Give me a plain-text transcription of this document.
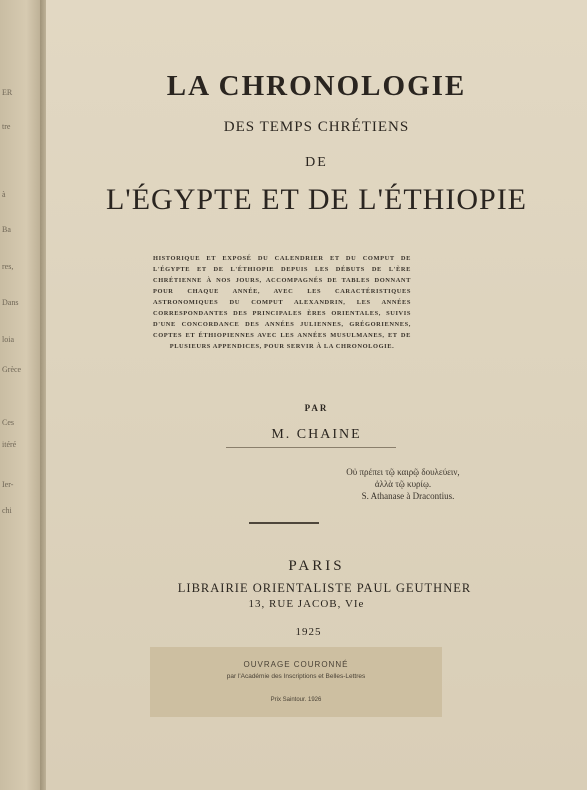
ER
tre
à
Ba
res,
Dans
loia
Grèce
Ces
itéré
Ier-
chi
LA CHRONOLOGIE
DES TEMPS CHRÉTIENS
DE
L'ÉGYPTE ET DE L'ÉTHIOPIE
HISTORIQUE ET EXPOSÉ DU CALENDRIER ET DU COMPUT DE L'ÉGYPTE ET DE L'ÉTHIOPIE DEPUIS LES DÉBUTS DE L'ÈRE CHRÉTIENNE À NOS JOURS, ACCOMPAGNÉS DE TABLES DONNANT POUR CHAQUE ANNÉE, AVEC LES CARACTÉRISTIQUES ASTRONOMIQUES DU COMPUT ALEXANDRIN, LES ANNÉES CORRESPONDANTES DES PRINCIPALES ÈRES ORIENTALES, SUIVIS D'UNE CONCORDANCE DES ANNÉES JULIENNES, GRÉGORIENNES, COPTES ET ÉTHIOPIENNES AVEC LES ANNÉES MUSULMANES, ET DE PLUSIEURS APPENDICES, POUR SERVIR À LA CHRONOLOGIE.
PAR
M. CHAINE
Οὐ πρέπει τῷ καιρῷ δουλεύειν,
ἀλλὰ τῷ κυρίῳ.
S. Athanase à Dracontius.
PARIS
LIBRAIRIE ORIENTALISTE PAUL GEUTHNER
13, RUE JACOB, VIe
1925
OUVRAGE COURONNÉ
par l'Académie des Inscriptions et Belles-Lettres
Prix Saintour. 1926
